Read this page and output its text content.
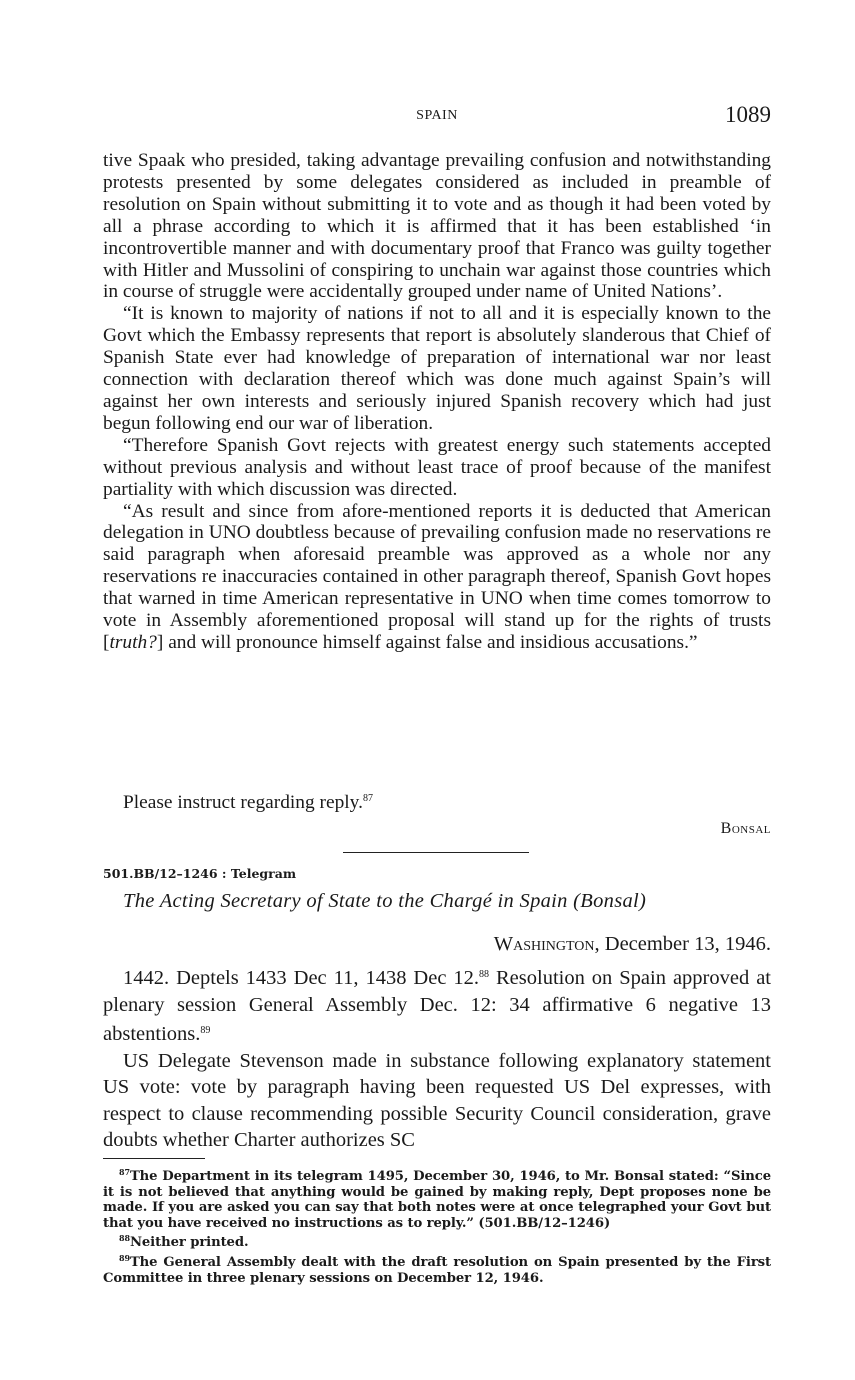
SPAIN	1089

tive Spaak who presided, taking advantage prevailing confusion and notwithstanding protests presented by some delegates considered as included in preamble of resolution on Spain without submitting it to vote and as though it had been voted by all a phrase according to which it is affirmed that it has been established ‘in incontrovertible manner and with documentary proof that Franco was guilty together with Hitler and Mussolini of conspiring to unchain war against those countries which in course of struggle were accidentally grouped under name of United Nations’.

“It is known to majority of nations if not to all and it is especially known to the Govt which the Embassy represents that report is absolutely slanderous that Chief of Spanish State ever had knowledge of preparation of international war nor least connection with declaration thereof which was done much against Spain’s will against her own interests and seriously injured Spanish recovery which had just begun following end our war of liberation.

“Therefore Spanish Govt rejects with greatest energy such statements accepted without previous analysis and without least trace of proof because of the manifest partiality with which discussion was directed.

“As result and since from afore-mentioned reports it is deducted that American delegation in UNO doubtless because of prevailing confusion made no reservations re said paragraph when aforesaid preamble was approved as a whole nor any reservations re inaccuracies contained in other paragraph thereof, Spanish Govt hopes that warned in time American representative in UNO when time comes tomorrow to vote in Assembly aforementioned proposal will stand up for the rights of trusts [truth?] and will pronounce himself against false and insidious accusations.”

Please instruct regarding reply.$^{87}$
Bonsal
501.BB/12–1246 : Telegram
The Acting Secretary of State to the Chargé in Spain (Bonsal)
Washington, December 13, 1946.

1442. Deptels 1433 Dec 11, 1438 Dec 12.88 Resolution on Spain approved at plenary session General Assembly Dec. 12: 34 affirmative 6 negative 13 abstentions.$^{89}$

US Delegate Stevenson made in substance following explanatory statement US vote: vote by paragraph having been requested US Del expresses, with respect to clause recommending possible Security Council consideration, grave doubts whether Charter authorizes SC

$^{87}$The Department in its telegram 1495, December 30, 1946, to Mr. Bonsal stated: “Since it is not believed that anything would be gained by making reply, Dept proposes none be made. If you are asked you can say that both notes were at once telegraphed your Govt but that you have received no instructions as to reply.” (501.BB/12–1246)

$^{88}$Neither printed.

$^{89}$The General Assembly dealt with the draft resolution on Spain presented by the First Committee in three plenary sessions on December 12, 1946.
